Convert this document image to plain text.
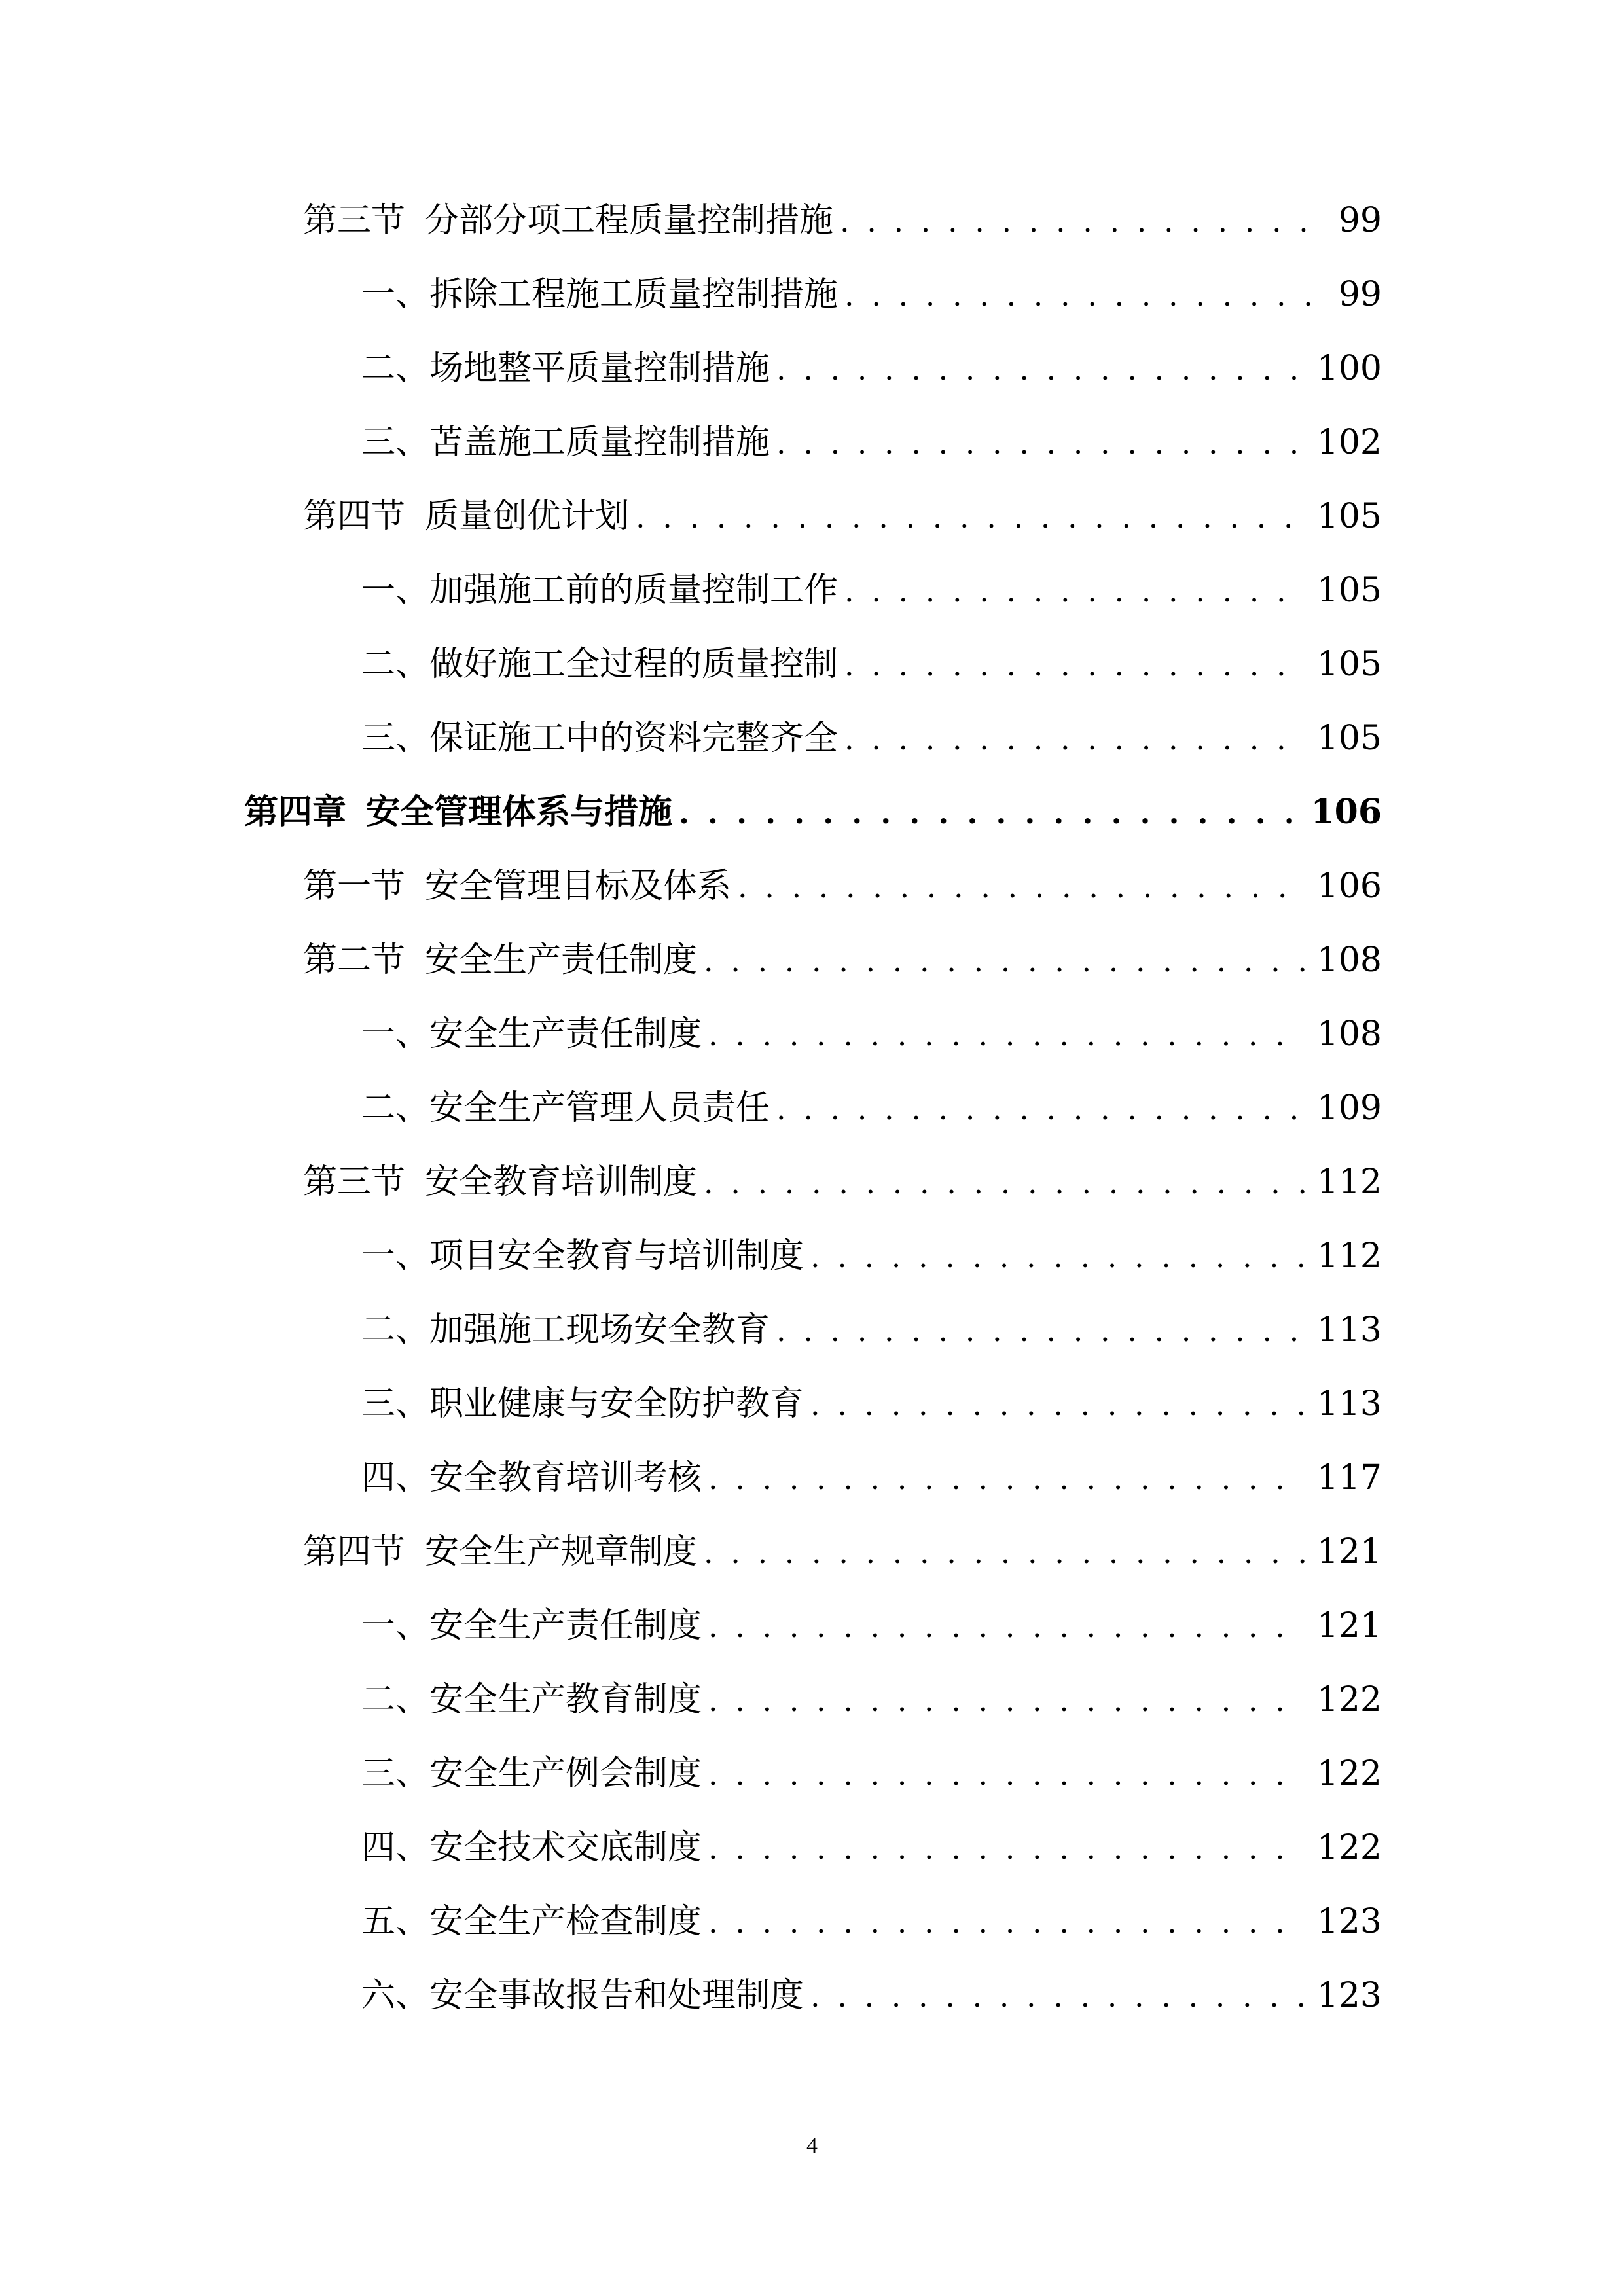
第三节 分部分项工程质量控制措施 . . .	99
一、 拆除工程施工质量控制措施 . . .	99
二、 场地整平质量控制措施 . . .	100
三、 苫盖施工质量控制措施 . . .	102
第四节 质量创优计划 . . .	105
一、 加强施工前的质量控制工作 . . .	105
二、 做好施工全过程的质量控制 . . .	105
三、 保证施工中的资料完整齐全 . . .	105
第四章 安全管理体系与措施 . . .	106
第一节 安全管理目标及体系 . . .	106
第二节 安全生产责任制度 . . .	108
一、 安全生产责任制度 . . .	108
二、 安全生产管理人员责任 . . .	109
第三节 安全教育培训制度 . . .	112
一、 项目安全教育与培训制度 . . .	112
二、 加强施工现场安全教育 . . .	113
三、 职业健康与安全防护教育 . . .	113
四、 安全教育培训考核 . . .	117
第四节 安全生产规章制度 . . .	121
一、 安全生产责任制度 . . .	121
二、 安全生产教育制度 . . .	122
三、 安全生产例会制度 . . .	122
四、 安全技术交底制度 . . .	122
五、 安全生产检查制度 . . .	123
六、 安全事故报告和处理制度 . . .	123
4
